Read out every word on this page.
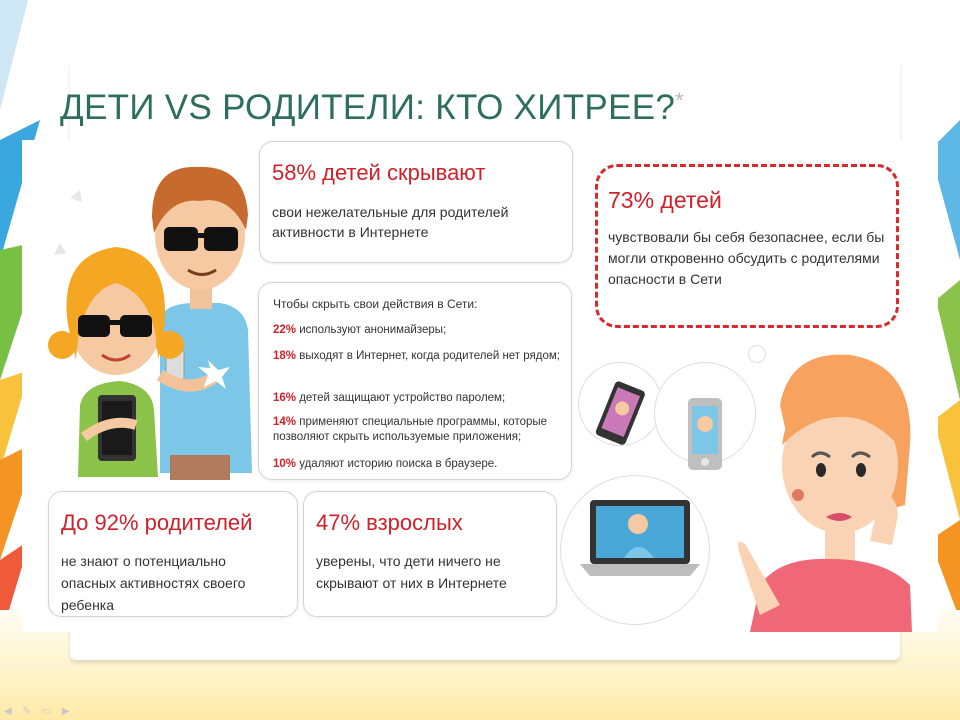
ДЕТИ VS РОДИТЕЛИ: КТО ХИТРЕЕ?*
58% детей скрывают

свои нежелательные для родителей активности в Интернете

73% детей

чувствовали бы себя безопаснее, если бы могли откровенно обсудить с родителями опасности в Сети

Чтобы скрыть свои действия в Сети:
22% используют анонимайзеры;
18% выходят в Интернет, когда родителей нет рядом;
16% детей защищают устройство паролем;
14% применяют специальные программы, которые позволяют скрыть используемые приложения;
10% удаляют историю поиска в браузере.
До 92% родителей

не знают о потенциально опасных активностях своего ребенка

47% взрослых

уверены, что дети ничего не скрывают от них в Интернете

◀ ✎ ▭ ▶
